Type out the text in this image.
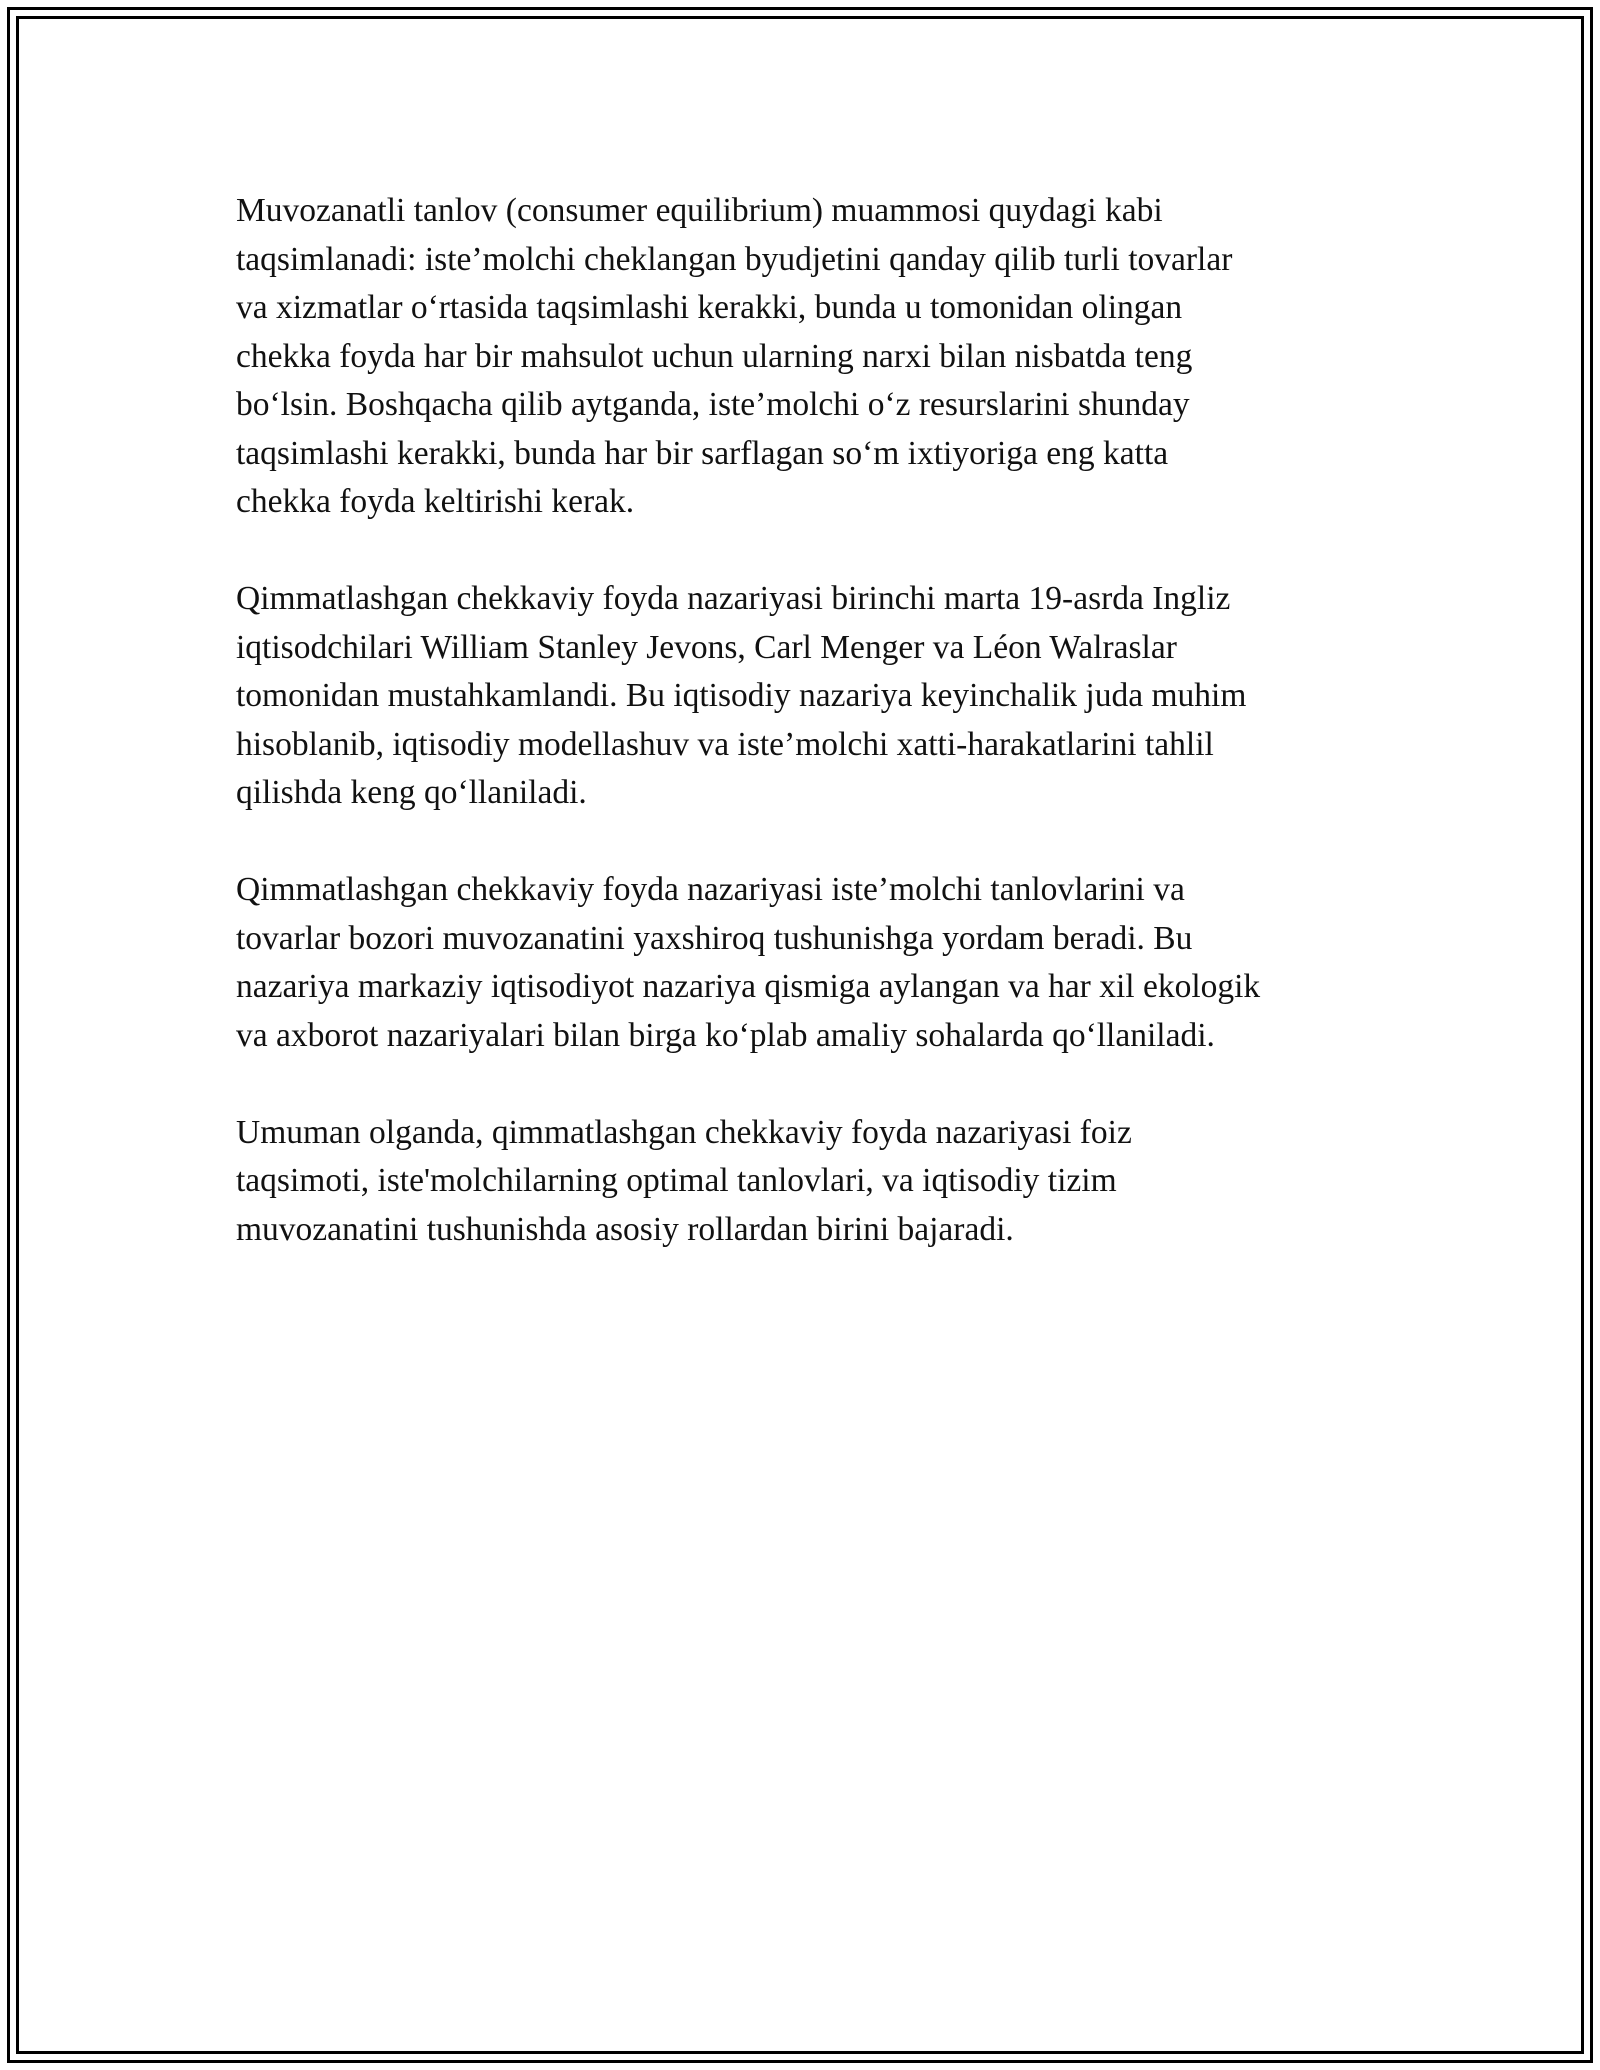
Muvozanatli tanlov (consumer equilibrium) muammosi quydagi kabi
taqsimlanadi: iste’molchi cheklangan byudjetini qanday qilib turli tovarlar
va xizmatlar oʻrtasida taqsimlashi kerakki, bunda u tomonidan olingan
chekka foyda har bir mahsulot uchun ularning narxi bilan nisbatda teng
boʻlsin. Boshqacha qilib aytganda, iste’molchi oʻz resurslarini shunday
taqsimlashi kerakki, bunda har bir sarflagan soʻm ixtiyoriga eng katta
chekka foyda keltirishi kerak.

Qimmatlashgan chekkaviy foyda nazariyasi birinchi marta 19-asrda Ingliz
iqtisodchilari William Stanley Jevons, Carl Menger va Léon Walraslar
tomonidan mustahkamlandi. Bu iqtisodiy nazariya keyinchalik juda muhim
hisoblanib, iqtisodiy modellashuv va iste’molchi xatti-harakatlarini tahlil
qilishda keng qoʻllaniladi.

Qimmatlashgan chekkaviy foyda nazariyasi iste’molchi tanlovlarini va
tovarlar bozori muvozanatini yaxshiroq tushunishga yordam beradi. Bu
nazariya markaziy iqtisodiyot nazariya qismiga aylangan va har xil ekologik
va axborot nazariyalari bilan birga koʻplab amaliy sohalarda qoʻllaniladi.

Umuman olganda, qimmatlashgan chekkaviy foyda nazariyasi foiz
taqsimoti, iste'molchilarning optimal tanlovlari, va iqtisodiy tizim
muvozanatini tushunishda asosiy rollardan birini bajaradi.
